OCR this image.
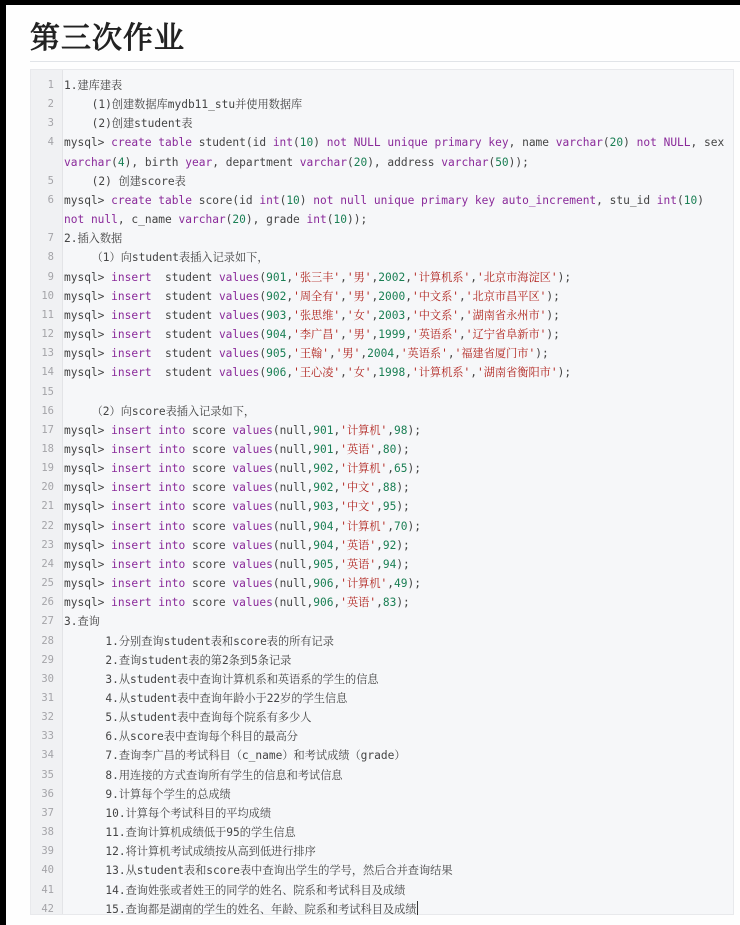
第三次作业
1 1.建库建表
2	(1)创建数据库mydb11_stu并使用数据库
3	(2)创建student表
4 mysql> create table student(id int(10) not NULL unique primary key, name varchar(20) not NULL, sex varchar(4), birth year, department varchar(20), address varchar(50));
5	(2) 创建score表
6 mysql> create table score(id int(10) not null unique primary key auto_increment, stu_id int(10) not null, c_name varchar(20), grade int(10));
7 2.插入数据
8	（1）向student表插入记录如下，
9 mysql> insert  student values(901,'张三丰','男',2002,'计算机系','北京市海淀区');
10 mysql> insert  student values(902,'周全有','男',2000,'中文系','北京市昌平区');
11 mysql> insert  student values(903,'张思维','女',2003,'中文系','湖南省永州市');
12 mysql> insert  student values(904,'李广昌','男',1999,'英语系','辽宁省阜新市');
13 mysql> insert  student values(905,'王翰','男',2004,'英语系','福建省厦门市');
14 mysql> insert  student values(906,'王心凌','女',1998,'计算机系','湖南省衡阳市');
15
16	（2）向score表插入记录如下，
17 mysql> insert into score values(null,901,'计算机',98);
18 mysql> insert into score values(null,901,'英语',80);
19 mysql> insert into score values(null,902,'计算机',65);
20 mysql> insert into score values(null,902,'中文',88);
21 mysql> insert into score values(null,903,'中文',95);
22 mysql> insert into score values(null,904,'计算机',70);
23 mysql> insert into score values(null,904,'英语',92);
24 mysql> insert into score values(null,905,'英语',94);
25 mysql> insert into score values(null,906,'计算机',49);
26 mysql> insert into score values(null,906,'英语',83);
27 3.查询
28	1.分别查询student表和score表的所有记录
29	2.查询student表的第2条到5条记录
30	3.从student表中查询计算机系和英语系的学生的信息
31	4.从student表中查询年龄小于22岁的学生信息
32	5.从student表中查询每个院系有多少人
33	6.从score表中查询每个科目的最高分
34	7.查询李广昌的考试科目（c_name）和考试成绩（grade）
35	8.用连接的方式查询所有学生的信息和考试信息
36	9.计算每个学生的总成绩
37	10.计算每个考试科目的平均成绩
38	11.查询计算机成绩低于95的学生信息
39	12.将计算机考试成绩按从高到低进行排序
40	13.从student表和score表中查询出学生的学号，然后合并查询结果
41	14.查询姓张或者姓王的同学的姓名、院系和考试科目及成绩
42	15.查询都是湖南的学生的姓名、年龄、院系和考试科目及成绩
